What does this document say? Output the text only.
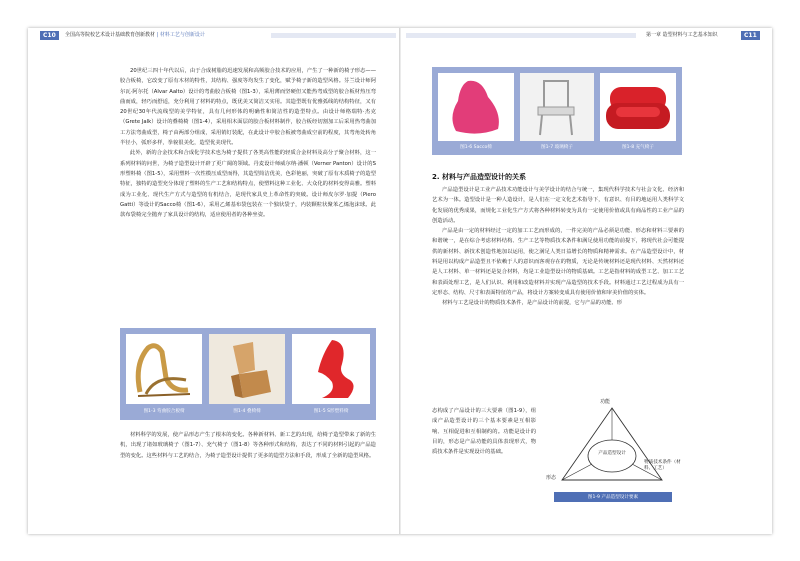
C10	全国高等院校艺术设计基础教育创新教材 | 材料工艺与创新设计	第一章 造型材料与工艺基本知识	C11

20世纪三四十年代以后，由于合成树脂的迅速发展和高频胶合技术的应用，产生了一种新的椅子形态——胶合板椅，它改变了原有木材的特性，其结构、强度等均发生了变化，赋予椅子新的造型风格。芬兰设计师阿尔瓦·阿尔托（Alvar Aalto）设计的弯曲胶合板椅（图1-3），采用薄而坚硬但又能热弯成型的胶合板材热压弯曲而成，轻巧而舒适，充分利用了材料的特点，既优美又简洁又实用。其造型既有优雅弧线的结构特征，又有20世纪30年代流线型的美学特征，具有几何形体的明确性和简洁性的造型特点。由设计师格瑞特·杰克（Grete Jalk）设计的叠椅椅（图1-4），采用相木面层的胶合板材料制作，胶合板经切割加工后采用热弯曲加工方法弯曲成型，椅子由两部分组成，采用销钉装配，在此设计中胶合板被弯曲成空前的程度，其弯角处转角半径小，弧形多样，拳貌很美化，造型优美现代。

此外，新的合金技术和合成化学技术也为椅子提供了各类高性能的轻质合金材料及高分子聚合材料，这一系列材料的问世，为椅子造型设计开辟了更广阔的领域。丹麦设计师威尔纳·潘顿（Verner Panton）设计的S形塑料椅（图1-5），采用塑料一次性模压成型而得，其造型简洁优美，色彩艳丽，突破了原有木质椅子的造型特征，独特的造型充分体现了塑料的生产工艺和结构特点，使塑料这种工业化、大众化的材料变得高雅。塑料成为工业化、现代生产方式与造型的有机结合，是现代家具史上革命性的突破。设计师皮尔罗·加提（Piero Gatti）等设计的Sacco椅（图1-6），采用乙烯基布袋包装在一个独状袋子，内装颗粒状聚苯乙烯泡沫球。此款布袋椅完全抛弃了家具设计的结构，适应使用者的各种坐姿。

图1-3 弯曲胶合板椅	图1-4 叠椅椅	图1-5 S形塑料椅

材料科学的发展，使产品形态产生了根本的变化。各种新材料、新工艺的出现，给椅子造型带来了新的生机，出现了诸如玻璃椅子（图1-7）、充气椅子（图1-8）等各种形式和结构，表达了不同的材料引起的产品造型的变化。这些材料与工艺的结合，为椅子造型设计提供了更多的造型方法和手段，形成了全新的造型风格。

图1-6 Sacco椅	图1-7 玻璃椅子	图1-8 充气椅子
2. 材料与产品造型设计的关系

产品造型设计是工业产品技术功能设计与美学设计的结合与统一，集现代科学技术与社会文化、经济和艺术为一体。造型设计是一种人造设计，是人们在一定文化艺术指导下，有意识、有目的地运用人类科学文化发展的优秀成果，而规化工业化生产方式将各种材料转变为具有一定使用价值或具有商品性的工业产品的创造活动。

产品是由一定的材料经过一定的加工工艺而形成的，一件完美的产品必须是功能、形态和材料三要素的和谐统一，是在综合考虑材料结构、生产工艺等物质技术条件和满足使用功能的前提下，将现代社会可能提供的新材料、新技术创造性地加以运用，使之满足人类日益增长的物质和精神需求。在产品造型设计中，材料是用以构成产品造型且不依赖于人的意识而客观存在的物质，无论是传统材料还是现代材料、天然材料还是人工材料、单一材料还是复合材料，均是工业造型设计的物质基础。工艺是指材料的成型工艺、加工工艺和表面处理工艺，是人们认识、利用和改造材料并实现产品造型的技术手段。材料通过工艺过程成为具有一定形态、结构、尺寸和表面特征的产品，将设计方案转变成具有使用价值和审美价值的实体。

材料与工艺是设计的物质技术条件，是产品设计的前提，它与产品的功能、形

态构成了产品设计的三大要素（图1-9），组成产品造型设计的三个基本要素是互相影响、互相促进和互相制约的。功能是设计的目的，形态是产品功能的具体表现形式，物质技术条件是实现设计的基础。

功能
产品造型设计
形态
物质技术条件（材料、工艺）
图1-9 产品造型设计要素
